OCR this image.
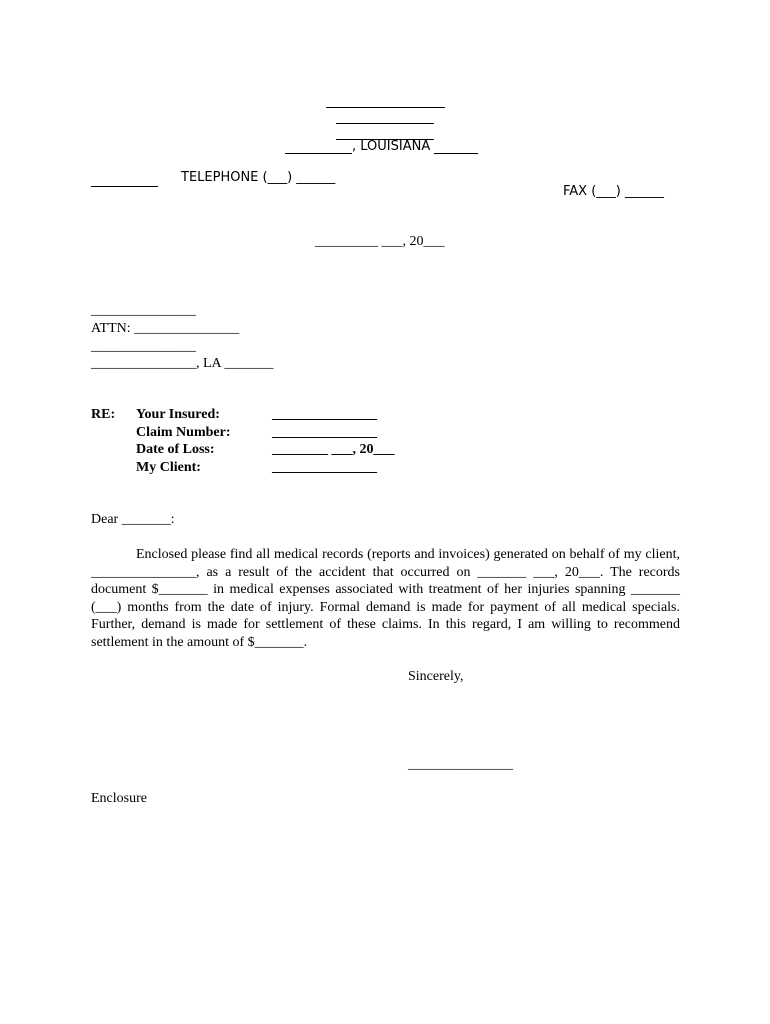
, LOUISIANA
TELEPHONE (___) ______
FAX (___) ______
_________ ___, 20___
_______________
ATTN: _______________
_______________
_______________, LA _______
RE: Your Insured:	_______________
Claim Number:	_______________
Date of Loss:	________ ___, 20___
My Client:	_______________
Dear _______:

Enclosed please find all medical records (reports and invoices) generated on behalf of my client, _______________, as a result of the accident that occurred on _______ ___, 20___. The records document $_______ in medical expenses associated with treatment of her injuries spanning _______ (___) months from the date of injury. Formal demand is made for payment of all medical specials. Further, demand is made for settlement of these claims. In this regard, I am willing to recommend settlement in the amount of $_______.

Sincerely,
_______________
Enclosure
